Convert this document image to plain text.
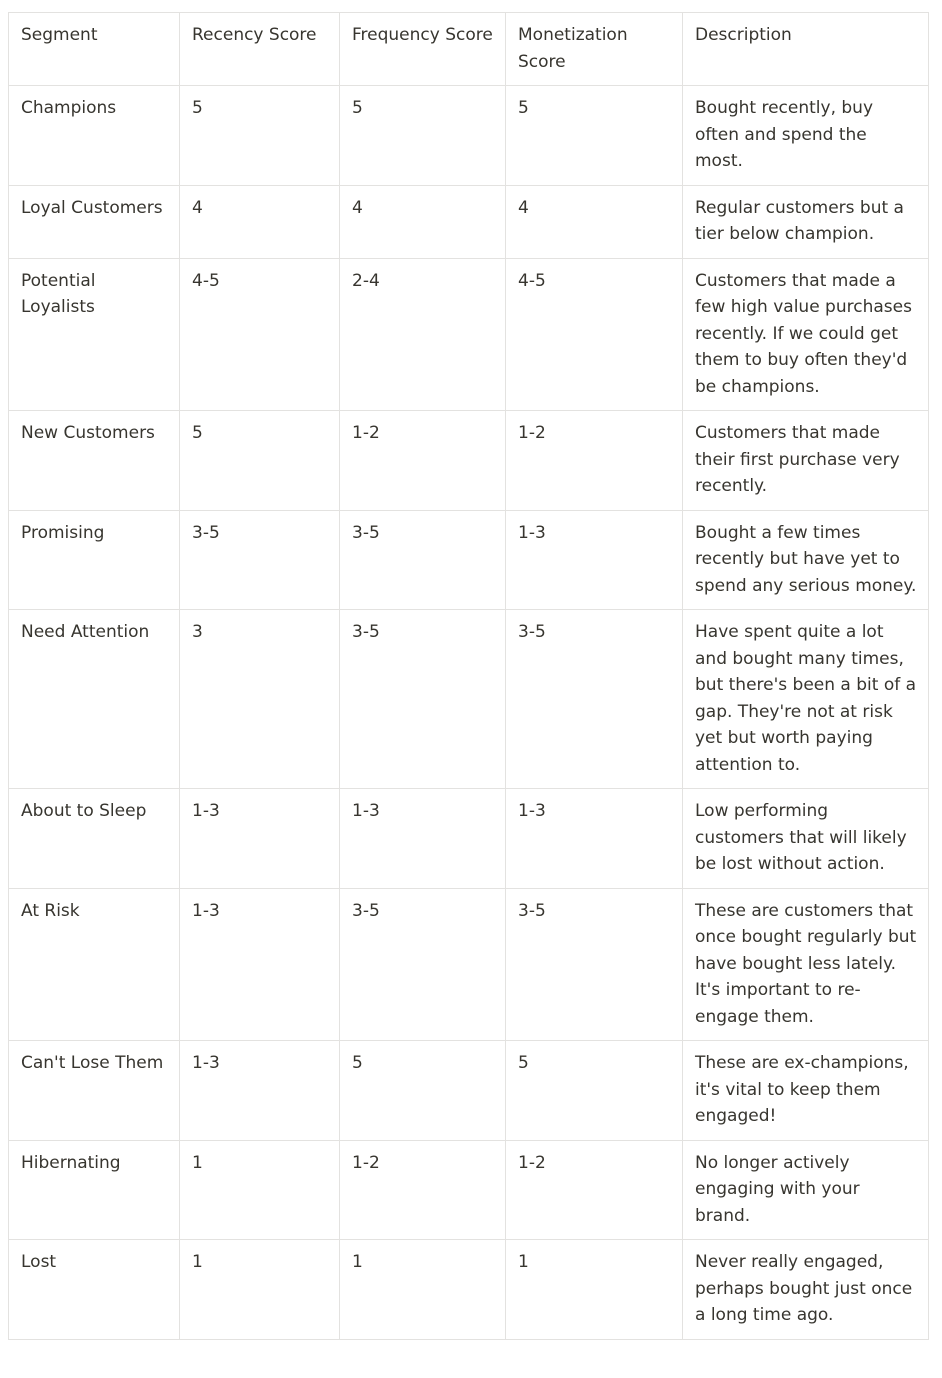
Segment	Recency Score	Frequency Score	Monetization Score	Description
Champions	5	5	5	Bought recently, buy often and spend the most.
Loyal Customers	4	4	4	Regular customers but a tier below champion.
Potential Loyalists	4-5	2-4	4-5	Customers that made a few high value purchases recently. If we could get them to buy often they'd be champions.
New Customers	5	1-2	1-2	Customers that made their first purchase very recently.
Promising	3-5	3-5	1-3	Bought a few times recently but have yet to spend any serious money.
Need Attention	3	3-5	3-5	Have spent quite a lot and bought many times, but there's been a bit of a gap. They're not at risk yet but worth paying attention to.
About to Sleep	1-3	1-3	1-3	Low performing customers that will likely be lost without action.
At Risk	1-3	3-5	3-5	These are customers that once bought regularly but have bought less lately. It's important to re-engage them.
Can't Lose Them	1-3	5	5	These are ex-champions, it's vital to keep them engaged!
Hibernating	1	1-2	1-2	No longer actively engaging with your brand.
Lost	1	1	1	Never really engaged, perhaps bought just once a long time ago.
